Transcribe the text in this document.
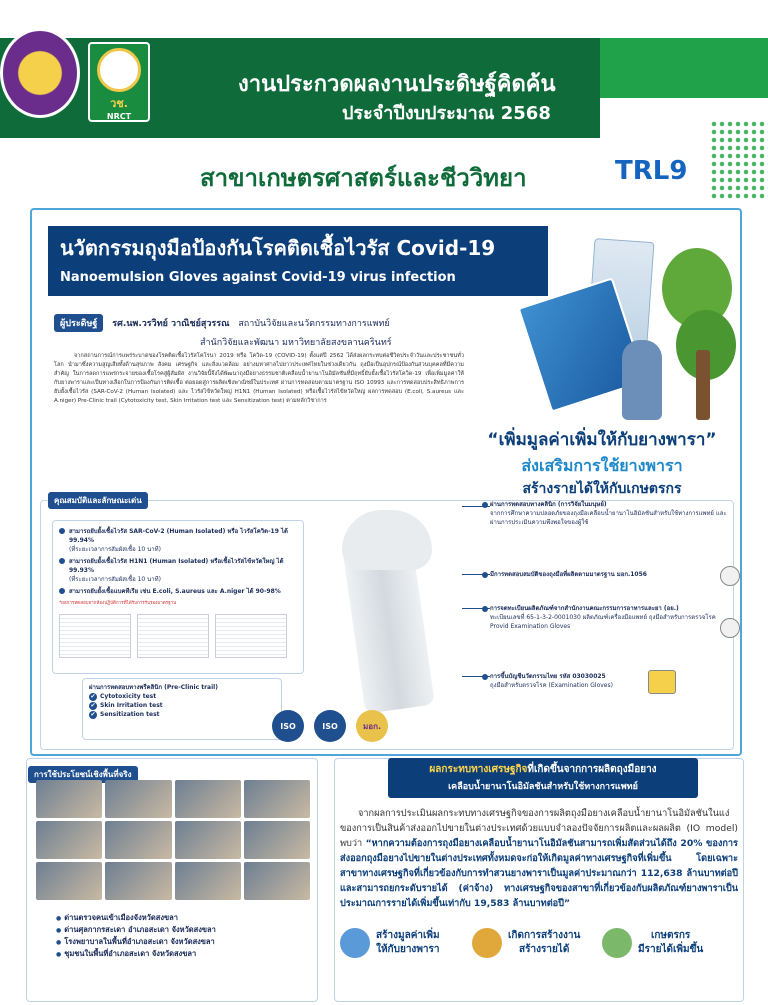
วช.
NRCT
งานประกวดผลงานประดิษฐ์คิดค้น
ประจำปีงบประมาณ 2568
สาขาเกษตรศาสตร์และชีววิทยา	TRL9
นวัตกรรมถุงมือป้องกันโรคติดเชื้อไวรัส Covid-19
Nanoemulsion Gloves against Covid-19 virus infection
ผู้ประดิษฐ์ รศ.นพ.วรวิทย์ วาณิชย์สุวรรณ สถาบันวิจัยและนวัตกรรมทางการแพทย์
สำนักวิจัยและพัฒนา มหาวิทยาลัยสงขลานครินทร์
จากสถานการณ์การแพร่ระบาดของโรคติดเชื้อไวรัสโคโรนา 2019 หรือ โควิด-19 (COVID-19) ตั้งแต่ปี 2562 ได้ส่งผลกระทบต่อชีวิตประจำวันและประชาชนทั่วโลก นำมาซึ่งความสูญเสียทั้งด้านสุขภาพ สังคม เศรษฐกิจ และสิ่งแวดล้อม อย่างมหาศาลไปยาวประเทศไทยในช่วงเดียวกัน ถุงมือเป็นอุปกรณ์ป้องกันส่วนบุคคลที่มีความสำคัญ ในการลดการแพร่กระจายของเชื้อโรคสู่ผู้สัมผัส งานวิจัยนี้จึงได้พัฒนาถุงมือยางธรรมชาติเคลือบน้ำยานาโนอิมัลชันที่มีฤทธิ์ยับยั้งเชื้อไวรัสโควิด-19 เพื่อเพิ่มมูลค่าให้กับยางพาราและเป็นทางเลือกในการป้องกันการติดเชื้อ ต่อยอดสู่การผลิตเชิงพาณิชย์ในประเทศ ผ่านการทดสอบตามมาตรฐาน ISO 10993 และการทดสอบประสิทธิภาพการยับยั้งเชื้อไวรัส (SAR-CoV-2 (Human Isolated) และ ไวรัสไข้หวัดใหญ่ H1N1 (Human Isolated) หรือเชื้อไวรัสไข้หวัดใหญ่ ผลการทดสอบ (E.coli, S.aureus และ A.niger) Pre-Clinic trail (Cytotoxicity test, Skin Irritation test และ Sensitization test) ตามหลักวิชาการ
“เพิ่มมูลค่าเพิ่มให้กับยางพารา”
ส่งเสริมการใช้ยางพารา
สร้างรายได้ให้กับเกษตรกร
คุณสมบัติและลักษณะเด่น
สามารถยับยั้งเชื้อไวรัส SAR-CoV-2 (Human Isolated) หรือ ไวรัสโควิด-19 ได้ 99.94%
(ที่ระยะเวลาการสัมผัสเชื้อ 10 นาที)
สามารถยับยั้งเชื้อไวรัส H1N1 (Human Isolated) หรือเชื้อไวรัสไข้หวัดใหญ่ ได้ 99.93%
(ที่ระยะเวลาการสัมผัสเชื้อ 10 นาที)
สามารถยับยั้งเชื้อแบคทีเรีย เช่น E.coli, S.aureus และ A.niger ได้ 90-98%
*ผลการทดสอบจากห้องปฏิบัติการที่ได้รับการรับรองมาตรฐาน
ผ่านการทดสอบทางพรีคลินิก (Pre-Clinic trail)
✔ Cytotoxicity test
✔ Skin Irritation test
✔ Sensitization test
ISO	ISO	มอก.
ผ่านการทดสอบทางคลินิก (การวิจัยในมนุษย์)
จากการศึกษาความปลอดภัยของถุงมือเคลือบน้ำยานาโนอิมัลชันสำหรับใช้ทางการแพทย์ และผ่านการประเมินความพึงพอใจของผู้ใช้
มีการทดสอบสมบัติของถุงมือที่ผลิตตามมาตรฐาน มอก.1056
การจดทะเบียนผลิตภัณฑ์จากสำนักงานคณะกรรมการอาหารและยา (อย.)
ทะเบียนเลขที่ 65-1-3-2-0001030 ผลิตภัณฑ์เครื่องมือแพทย์ ถุงมือสำหรับการตรวจโรค Provid Examination Gloves
การขึ้นบัญชีนวัตกรรมไทย รหัส 03030025
ถุงมือสำหรับตรวจโรค (Examination Gloves)
การใช้ประโยชน์เชิงพื้นที่จริง
● ด่านตรวจคนเข้าเมืองจังหวัดสงขลา
● ด่านศุลกากรสะเดา อำเภอสะเดา จังหวัดสงขลา
● โรงพยาบาลในพื้นที่อำเภอสะเดา จังหวัดสงขลา
● ชุมชนในพื้นที่อำเภอสะเดา จังหวัดสงขลา
ผลกระทบทางเศรษฐกิจที่เกิดขึ้นจากการผลิตถุงมือยาง
เคลือบน้ำยานาโนอิมัลชันสำหรับใช้ทางการแพทย์
จากผลการประเมินผลกระทบทางเศรษฐกิจของการผลิตถุงมือยางเคลือบน้ำยานาโนอิมัลชันในแง่ของการเป็นสินค้าส่งออกไปขายในต่างประเทศด้วยแบบจำลองปัจจัยการผลิตและผลผลิต (IO model) พบว่า “หากความต้องการถุงมือยางเคลือบน้ำยานาโนอิมัลชันสามารถเพิ่มสัดส่วนได้ถึง 20% ของการส่งออกถุงมือยางไปขายในต่างประเทศทั้งหมดจะก่อให้เกิดมูลค่าทางเศรษฐกิจที่เพิ่มขึ้น โดยเฉพาะสาขาทางเศรษฐกิจที่เกี่ยวข้องกับการทำสวนยางพาราเป็นมูลค่าประมาณกว่า 112,638 ล้านบาทต่อปี และสามารถยกระดับรายได้ (ค่าจ้าง) ทางเศรษฐกิจของสาขาที่เกี่ยวข้องกับผลิตภัณฑ์ยางพาราเป็นประมาณการรายได้เพิ่มขึ้นเท่ากับ 19,583 ล้านบาทต่อปี”
สร้างมูลค่าเพิ่ม
ให้กับยางพารา
เกิดการสร้างงาน
สร้างรายได้
เกษตรกร
มีรายได้เพิ่มขึ้น
